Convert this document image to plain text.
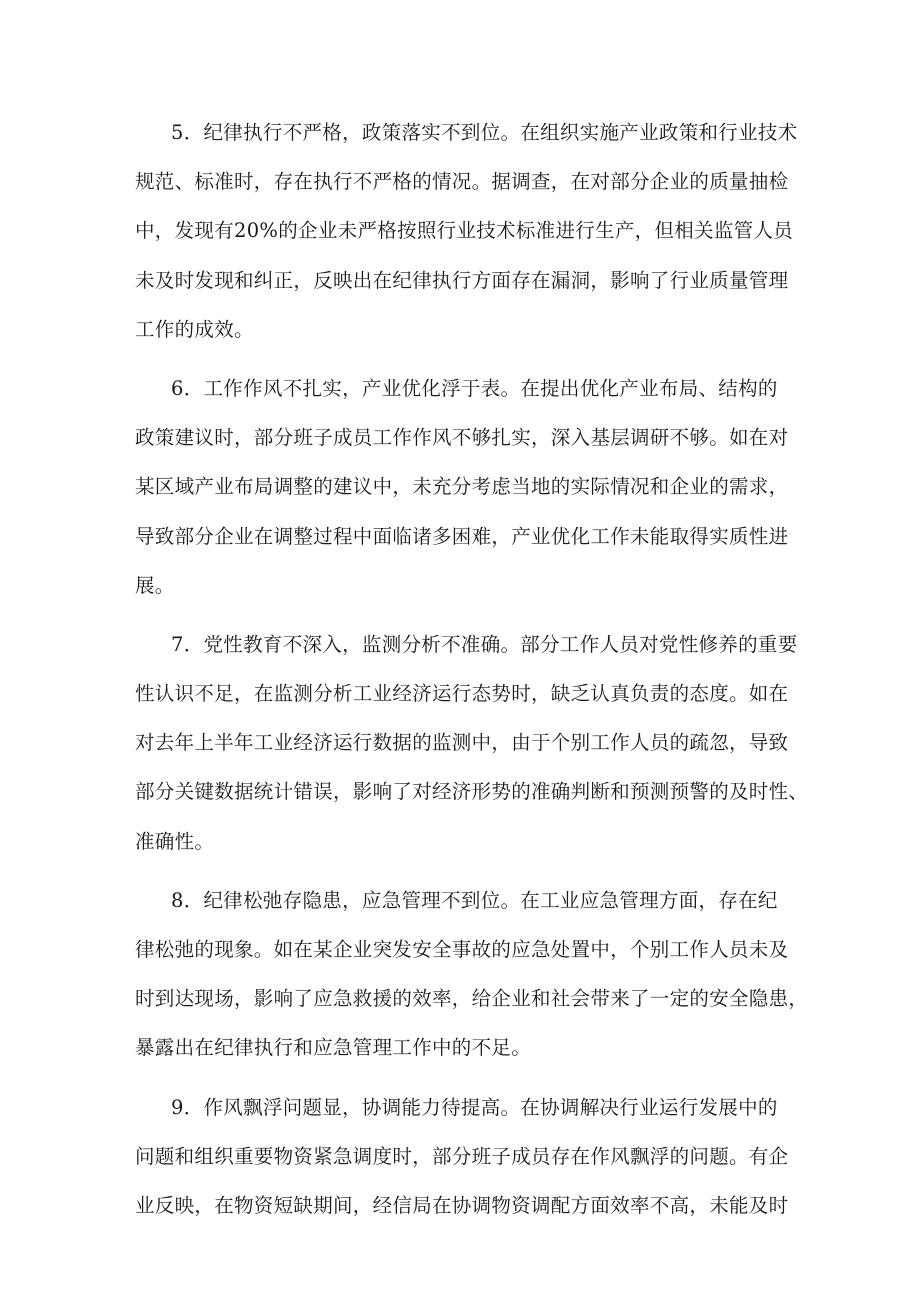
5．纪律执行不严格，政策落实不到位。在组织实施产业政策和行业技术
规范、标准时，存在执行不严格的情况。据调查，在对部分企业的质量抽检
中，发现有20%的企业未严格按照行业技术标准进行生产，但相关监管人员
未及时发现和纠正，反映出在纪律执行方面存在漏洞，影响了行业质量管理
工作的成效。

6．工作作风不扎实，产业优化浮于表。在提出优化产业布局、结构的
政策建议时，部分班子成员工作作风不够扎实，深入基层调研不够。如在对
某区域产业布局调整的建议中，未充分考虑当地的实际情况和企业的需求，
导致部分企业在调整过程中面临诸多困难，产业优化工作未能取得实质性进
展。

7．党性教育不深入，监测分析不准确。部分工作人员对党性修养的重要
性认识不足，在监测分析工业经济运行态势时，缺乏认真负责的态度。如在
对去年上半年工业经济运行数据的监测中，由于个别工作人员的疏忽，导致
部分关键数据统计错误，影响了对经济形势的准确判断和预测预警的及时性、
准确性。

8．纪律松弛存隐患，应急管理不到位。在工业应急管理方面，存在纪
律松弛的现象。如在某企业突发安全事故的应急处置中，个别工作人员未及
时到达现场，影响了应急救援的效率，给企业和社会带来了一定的安全隐患，
暴露出在纪律执行和应急管理工作中的不足。

9．作风飘浮问题显，协调能力待提高。在协调解决行业运行发展中的
问题和组织重要物资紧急调度时，部分班子成员存在作风飘浮的问题。有企
业反映，在物资短缺期间，经信局在协调物资调配方面效率不高，未能及时
